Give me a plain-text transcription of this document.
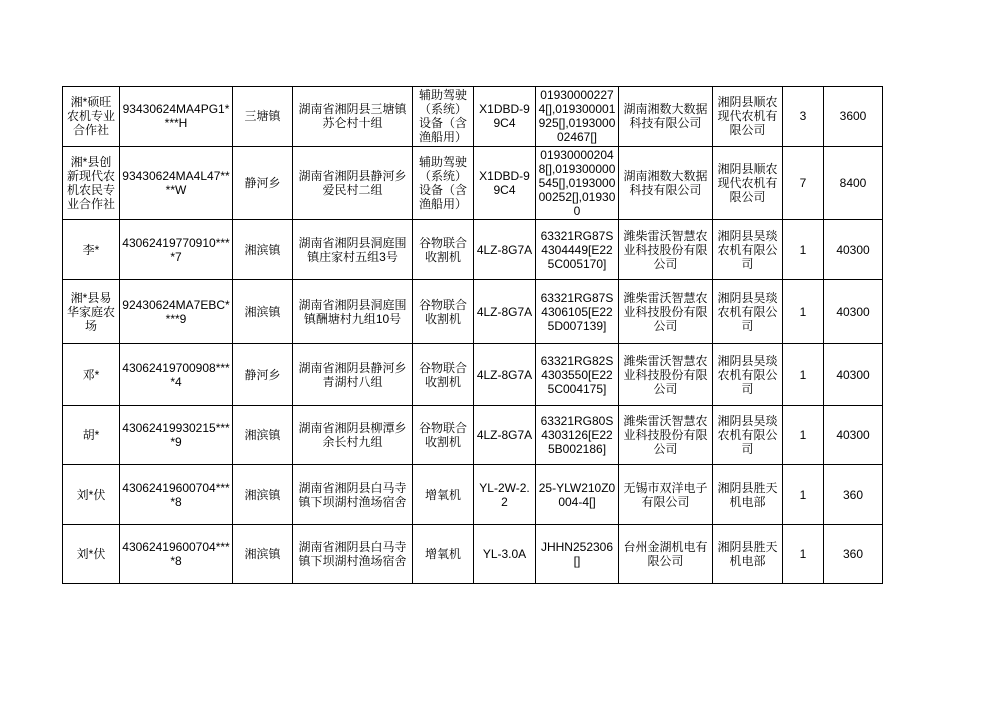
湘*硕旺农机专业合作社	93430624MA4PG1****H	三塘镇	湖南省湘阴县三塘镇苏仑村十组	辅助驾驶（系统）设备（含渔船用）	X1DBD-99C4	019300002274[],019300001925[],019300002467[]	湖南湘数大数据科技有限公司	湘阴县顺农现代农机有限公司	3	3600
湘*县创新现代农机农民专业合作社	93430624MA4L47****W	静河乡	湖南省湘阴县静河乡爱民村二组	辅助驾驶（系统）设备（含渔船用）	X1DBD-99C4	019300002048[],019300000545[],019300000252[],019300	湖南湘数大数据科技有限公司	湘阴县顺农现代农机有限公司	7	8400
李*	43062419770910****7	湘滨镇	湖南省湘阴县洞庭围镇庄家村五组3号	谷物联合收割机	4LZ-8G7A	63321RG87S4304449[E225C005170]	潍柴雷沃智慧农业科技股份有限公司	湘阴县昊琰农机有限公司	1	40300
湘*县易华家庭农场	92430624MA7EBC****9	湘滨镇	湖南省湘阴县洞庭围镇酬塘村九组10号	谷物联合收割机	4LZ-8G7A	63321RG87S4306105[E225D007139]	潍柴雷沃智慧农业科技股份有限公司	湘阴县昊琰农机有限公司	1	40300
邓*	43062419700908****4	静河乡	湖南省湘阴县静河乡青湖村八组	谷物联合收割机	4LZ-8G7A	63321RG82S4303550[E225C004175]	潍柴雷沃智慧农业科技股份有限公司	湘阴县昊琰农机有限公司	1	40300
胡*	43062419930215****9	湘滨镇	湖南省湘阴县柳潭乡余长村九组	谷物联合收割机	4LZ-8G7A	63321RG80S4303126[E225B002186]	潍柴雷沃智慧农业科技股份有限公司	湘阴县昊琰农机有限公司	1	40300
刘*伏	43062419600704****8	湘滨镇	湖南省湘阴县白马寺镇下坝湖村渔场宿舍	增氧机	YL-2W-2.2	25-YLW210Z0004-4[]	无锡市双洋电子有限公司	湘阴县胜天机电部	1	360
刘*伏	43062419600704****8	湘滨镇	湖南省湘阴县白马寺镇下坝湖村渔场宿舍	增氧机	YL-3.0A	JHHN252306[]	台州金湖机电有限公司	湘阴县胜天机电部	1	360
